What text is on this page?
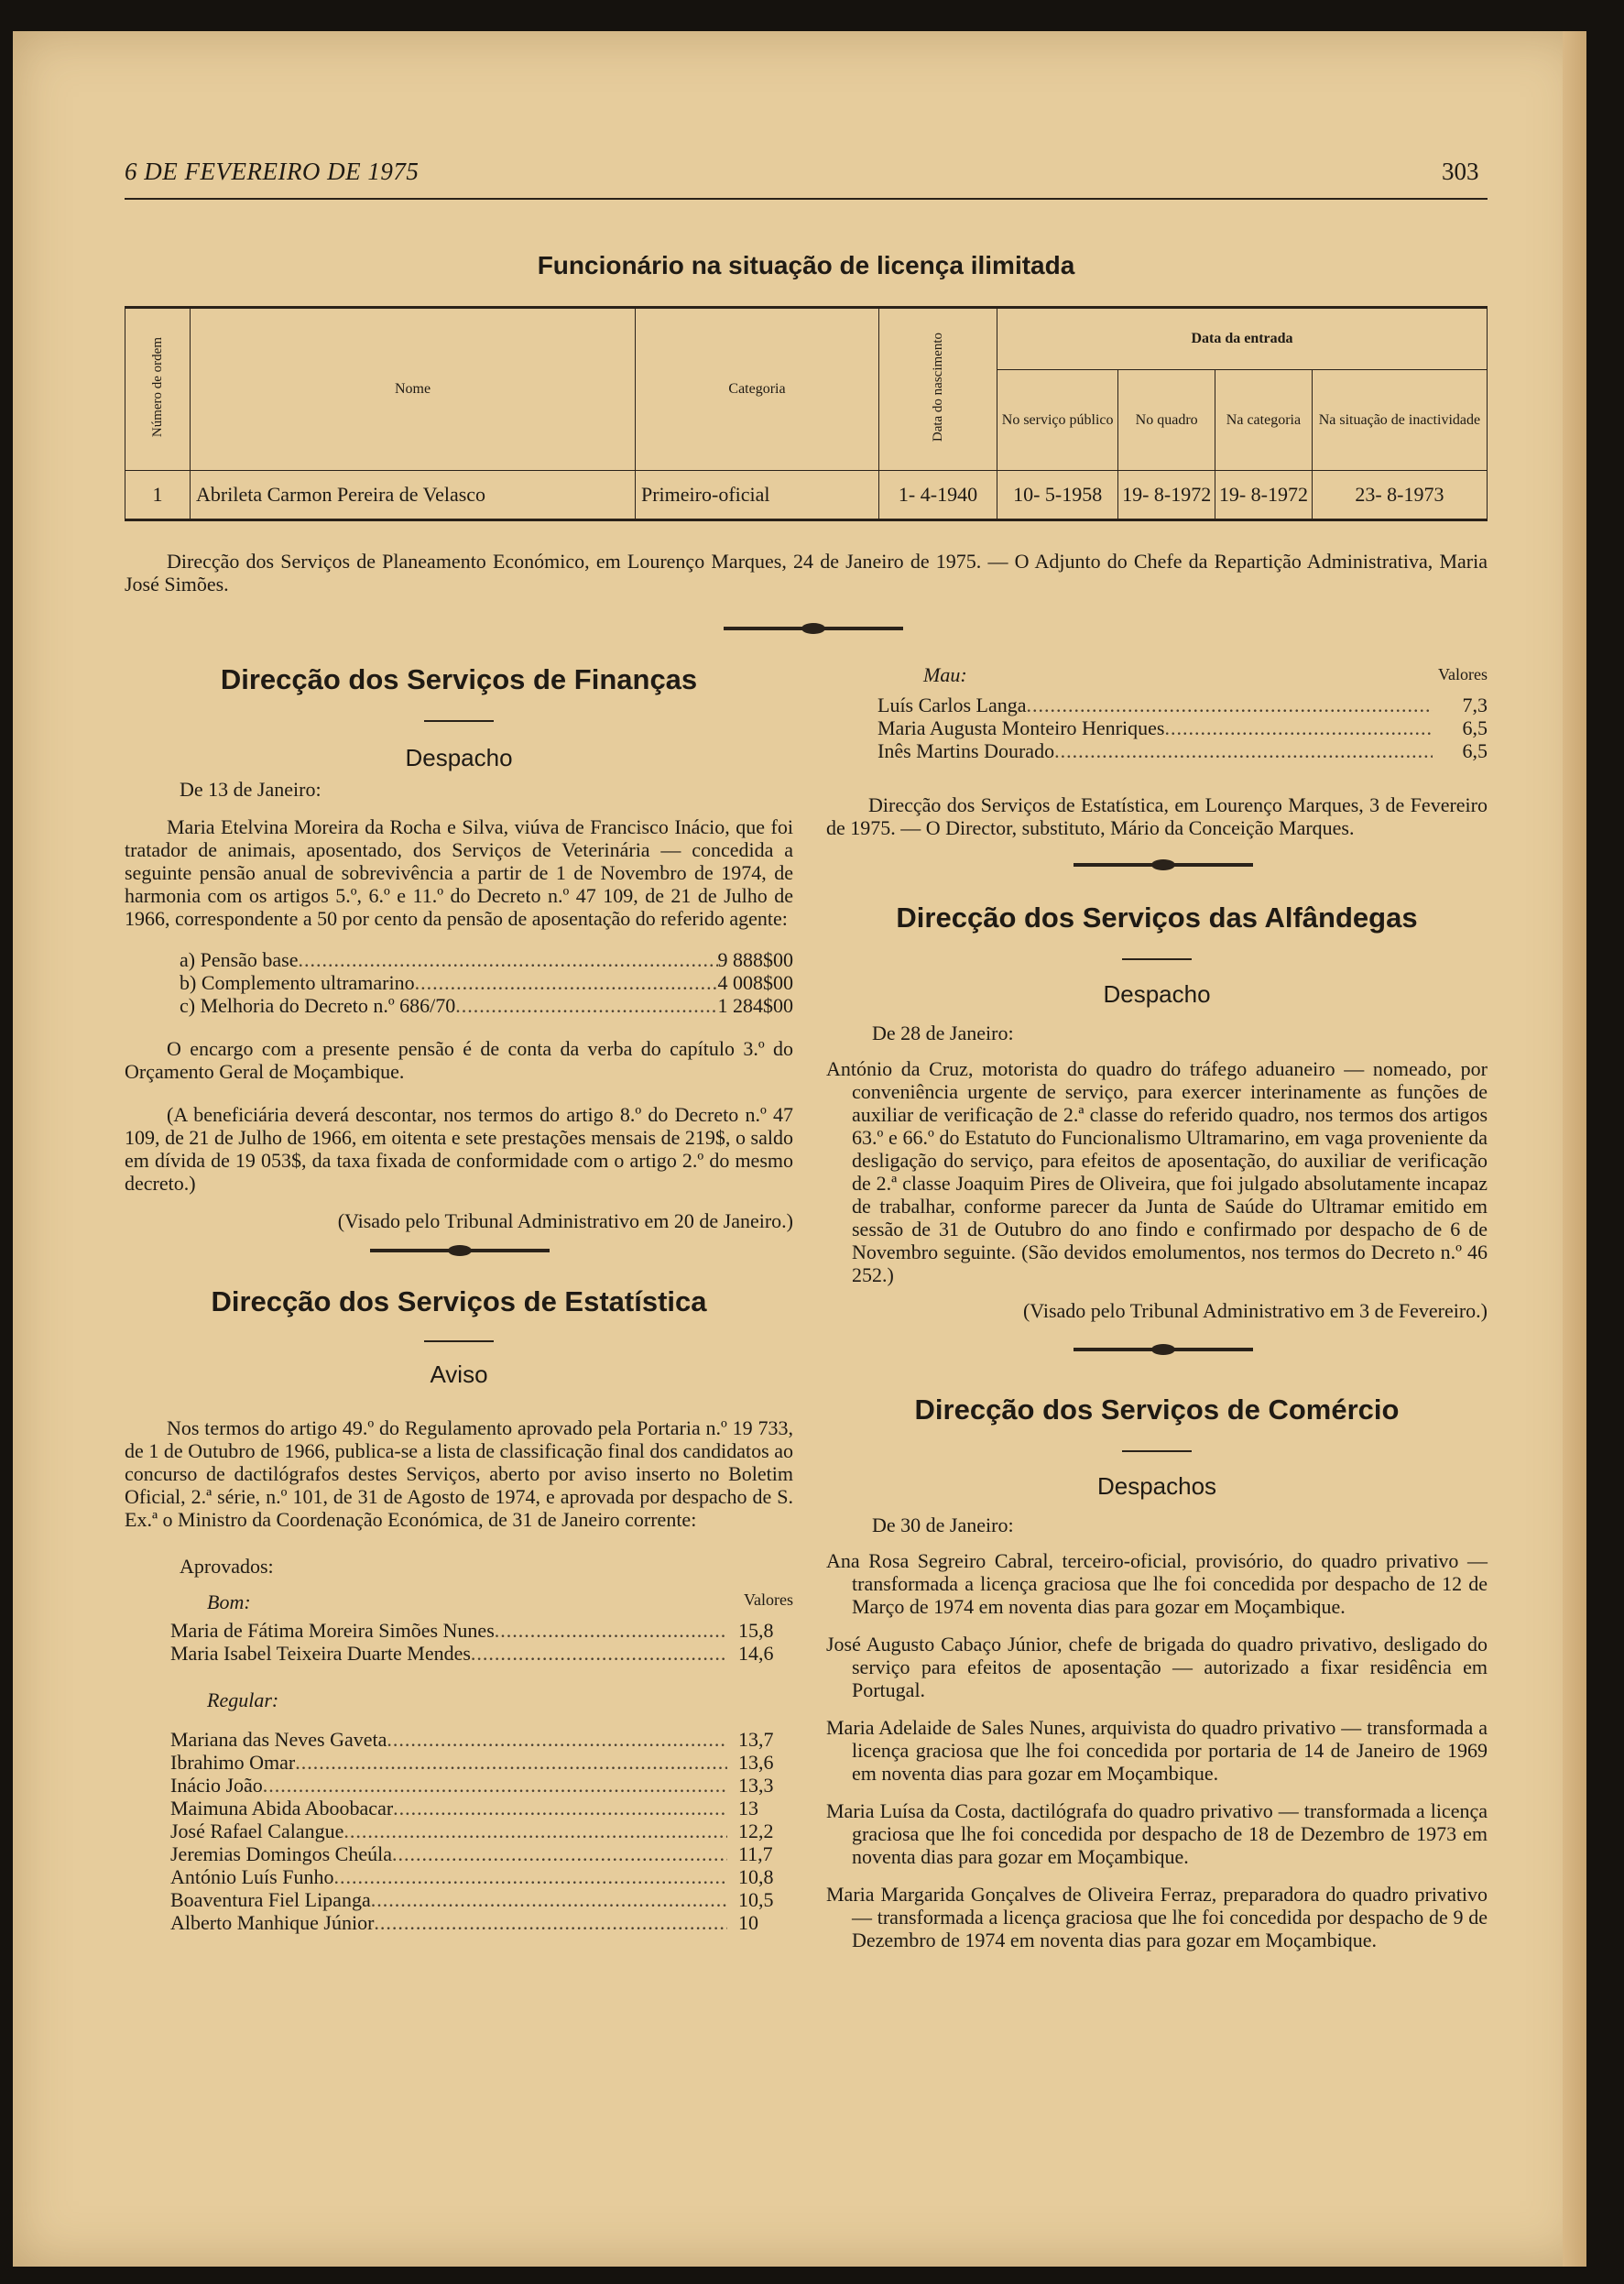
6 DE FEVEREIRO DE 1975	303
Funcionário na situação de licença ilimitada
Número de ordem	Nome	Categoria	Data do nascimento	Data da entrada			
				No serviço público	No quadro	Na categoria	Na situação de inactividade
1	Abrileta Carmon Pereira de Velasco	Primeiro-oficial	1- 4-1940	10- 5-1958	19- 8-1972	19- 8-1972	23- 8-1973
Direcção dos Serviços de Planeamento Económico, em Lourenço Marques, 24 de Janeiro de 1975. — O Adjunto do Chefe da Repartição Administrativa, Maria José Simões.
Direcção dos Serviços de Finanças
Despacho
De 13 de Janeiro:
Maria Etelvina Moreira da Rocha e Silva, viúva de Francisco Inácio, que foi tratador de animais, aposentado, dos Serviços de Veterinária — concedida a seguinte pensão anual de sobrevivência a partir de 1 de Novembro de 1974, de harmonia com os artigos 5.º, 6.º e 11.º do Decreto n.º 47 109, de 21 de Julho de 1966, correspondente a 50 por cento da pensão de aposentação do referido agente:
a) Pensão base .....	9 888$00
b) Complemento ultramarino .....	4 008$00
c) Melhoria do Decreto n.º 686/70 .....	1 284$00
O encargo com a presente pensão é de conta da verba do capítulo 3.º do Orçamento Geral de Moçambique.
(A beneficiária deverá descontar, nos termos do artigo 8.º do Decreto n.º 47 109, de 21 de Julho de 1966, em oitenta e sete prestações mensais de 219$, o saldo em dívida de 19 053$, da taxa fixada de conformidade com o artigo 2.º do mesmo decreto.)
(Visado pelo Tribunal Administrativo em 20 de Janeiro.)
Direcção dos Serviços de Estatística
Aviso
Nos termos do artigo 49.º do Regulamento aprovado pela Portaria n.º 19 733, de 1 de Outubro de 1966, publica-se a lista de classificação final dos candidatos ao concurso de dactilógrafos destes Serviços, aberto por aviso inserto no Boletim Oficial, 2.ª série, n.º 101, de 31 de Agosto de 1974, e aprovada por despacho de S. Ex.ª o Ministro da Coordenação Económica, de 31 de Janeiro corrente:
Aprovados:
Bom:	Valores
Maria de Fátima Moreira Simões Nunes .....	15,8
Maria Isabel Teixeira Duarte Mendes .....	14,6
Regular:
Mariana das Neves Gaveta .....	13,7
Ibrahimo Omar .....	13,6
Inácio João .....	13,3
Maimuna Abida Aboobacar .....	13
José Rafael Calangue .....	12,2
Jeremias Domingos Cheúla .....	11,7
António Luís Funho .....	10,8
Boaventura Fiel Lipanga .....	10,5
Alberto Manhique Júnior .....	10
Mau:	Valores
Luís Carlos Langa .....	7,3
Maria Augusta Monteiro Henriques .....	6,5
Inês Martins Dourado .....	6,5
Direcção dos Serviços de Estatística, em Lourenço Marques, 3 de Fevereiro de 1975. — O Director, substituto, Mário da Conceição Marques.
Direcção dos Serviços das Alfândegas
Despacho
De 28 de Janeiro:
António da Cruz, motorista do quadro do tráfego aduaneiro — nomeado, por conveniência urgente de serviço, para exercer interinamente as funções de auxiliar de verificação de 2.ª classe do referido quadro, nos termos dos artigos 63.º e 66.º do Estatuto do Funcionalismo Ultramarino, em vaga proveniente da desligação do serviço, para efeitos de aposentação, do auxiliar de verificação de 2.ª classe Joaquim Pires de Oliveira, que foi julgado absolutamente incapaz de trabalhar, conforme parecer da Junta de Saúde do Ultramar emitido em sessão de 31 de Outubro do ano findo e confirmado por despacho de 6 de Novembro seguinte. (São devidos emolumentos, nos termos do Decreto n.º 46 252.)
(Visado pelo Tribunal Administrativo em 3 de Fevereiro.)
Direcção dos Serviços de Comércio
Despachos
De 30 de Janeiro:
Ana Rosa Segreiro Cabral, terceiro-oficial, provisório, do quadro privativo — transformada a licença graciosa que lhe foi concedida por despacho de 12 de Março de 1974 em noventa dias para gozar em Moçambique.
José Augusto Cabaço Júnior, chefe de brigada do quadro privativo, desligado do serviço para efeitos de aposentação — autorizado a fixar residência em Portugal.
Maria Adelaide de Sales Nunes, arquivista do quadro privativo — transformada a licença graciosa que lhe foi concedida por portaria de 14 de Janeiro de 1969 em noventa dias para gozar em Moçambique.
Maria Luísa da Costa, dactilógrafa do quadro privativo — transformada a licença graciosa que lhe foi concedida por despacho de 18 de Dezembro de 1973 em noventa dias para gozar em Moçambique.
Maria Margarida Gonçalves de Oliveira Ferraz, preparadora do quadro privativo — transformada a licença graciosa que lhe foi concedida por despacho de 9 de Dezembro de 1974 em noventa dias para gozar em Moçambique.
